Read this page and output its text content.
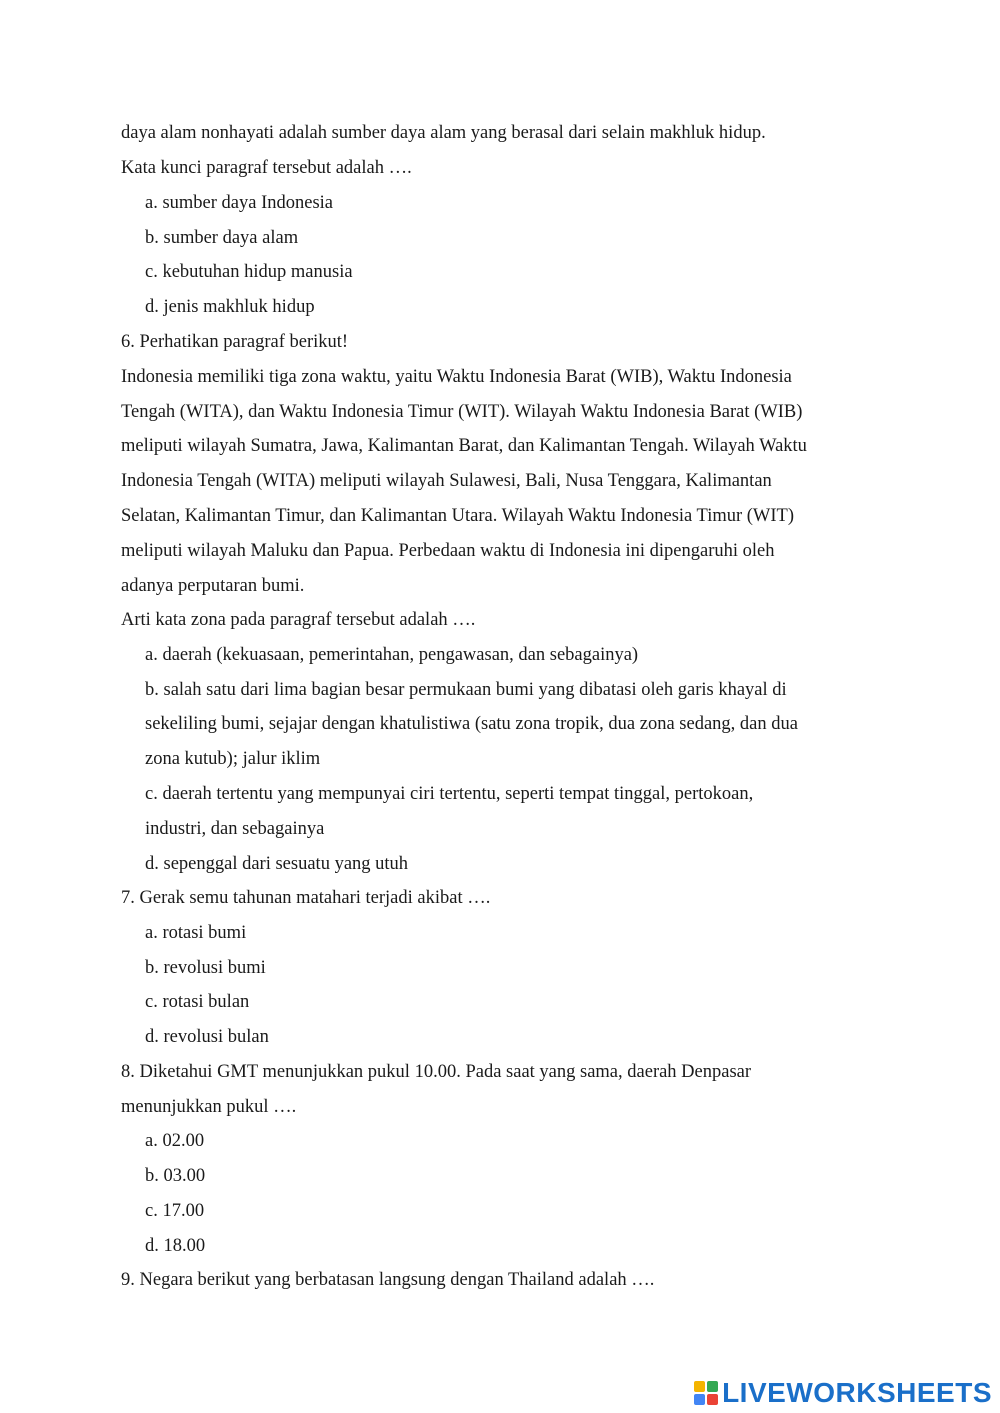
daya alam nonhayati adalah sumber daya alam yang berasal dari selain makhluk hidup.
Kata kunci paragraf tersebut adalah ….
a. sumber daya Indonesia
b. sumber daya alam
c. kebutuhan hidup manusia
d. jenis makhluk hidup
6. Perhatikan paragraf berikut!
Indonesia memiliki tiga zona waktu, yaitu Waktu Indonesia Barat (WIB), Waktu Indonesia
Tengah (WITA), dan Waktu Indonesia Timur (WIT). Wilayah Waktu Indonesia Barat (WIB)
meliputi wilayah Sumatra, Jawa, Kalimantan Barat, dan Kalimantan Tengah. Wilayah Waktu
Indonesia Tengah (WITA) meliputi wilayah Sulawesi, Bali, Nusa Tenggara, Kalimantan
Selatan, Kalimantan Timur, dan Kalimantan Utara. Wilayah Waktu Indonesia Timur (WIT)
meliputi wilayah Maluku dan Papua. Perbedaan waktu di Indonesia ini dipengaruhi oleh
adanya perputaran bumi.
Arti kata zona pada paragraf tersebut adalah ….
a. daerah (kekuasaan, pemerintahan, pengawasan, dan sebagainya)
b. salah satu dari lima bagian besar permukaan bumi yang dibatasi oleh garis khayal di
sekeliling bumi, sejajar dengan khatulistiwa (satu zona tropik, dua zona sedang, dan dua
zona kutub); jalur iklim
c. daerah tertentu yang mempunyai ciri tertentu, seperti tempat tinggal, pertokoan,
industri, dan sebagainya
d. sepenggal dari sesuatu yang utuh
7. Gerak semu tahunan matahari terjadi akibat ….
a. rotasi bumi
b. revolusi bumi
c. rotasi bulan
d. revolusi bulan
8. Diketahui GMT menunjukkan pukul 10.00. Pada saat yang sama, daerah Denpasar
menunjukkan pukul ….
a. 02.00
b. 03.00
c. 17.00
d. 18.00
9. Negara berikut yang berbatasan langsung dengan Thailand adalah ….
LIVEWORKSHEETS
